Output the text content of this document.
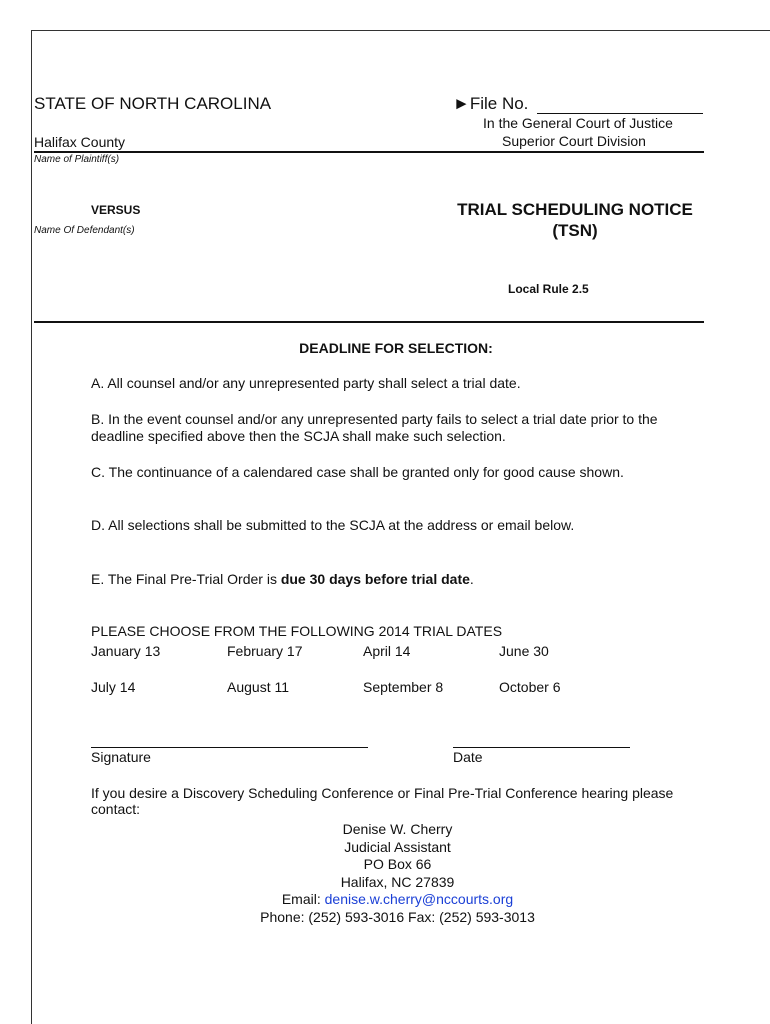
STATE OF NORTH CAROLINA	►File No.
In the General Court of Justice
Superior Court Division
Halifax County
Name of Plaintiff(s)
VERSUS
Name Of Defendant(s)
TRIAL SCHEDULING NOTICE
(TSN)
Local Rule 2.5
DEADLINE FOR SELECTION:
A. All counsel and/or any unrepresented party shall select a trial date.
B. In the event counsel and/or any unrepresented party fails to select a trial date prior to the deadline specified above then the SCJA shall make such selection.
C. The continuance of a calendared case shall be granted only for good cause shown.
D. All selections shall be submitted to the SCJA at the address or email below.
E. The Final Pre-Trial Order is due 30 days before trial date.
PLEASE CHOOSE FROM THE FOLLOWING 2014 TRIAL DATES
January 13	February 17	April 14	June 30
July 14	August 11	September 8	October 6
Signature	Date
If you desire a Discovery Scheduling Conference or Final Pre-Trial Conference hearing please contact:
Denise W. Cherry
Judicial Assistant
PO Box 66
Halifax, NC 27839
Email: denise.w.cherry@nccourts.org
Phone: (252) 593-3016 Fax: (252) 593-3013
